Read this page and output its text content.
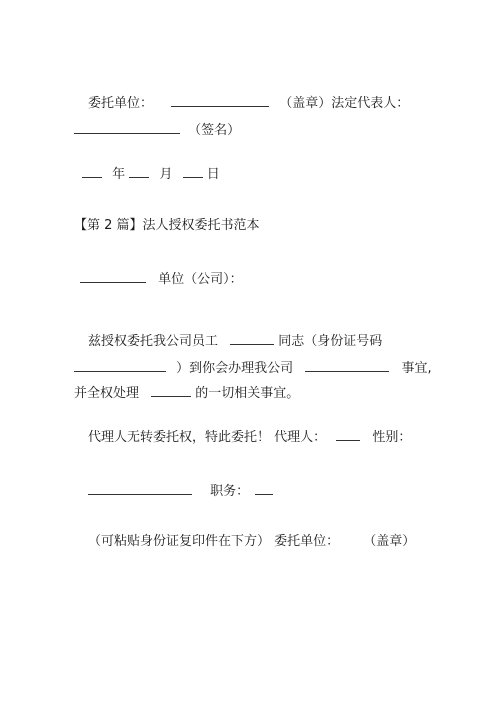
委托单位：	（盖章）法定代表人：
（签名）
年	月	日
【第 2 篇】法人授权委托书范本
单位（公司）：
兹授权委托我公司员工	同志（身份证号码
）到你会办理我公司	事宜,
并全权处理	的一切相关事宜。
代理人无转委托权，特此委托！ 代理人：	性别：
职务：
（可粘贴身份证复印件在下方） 委托单位： （盖章）
